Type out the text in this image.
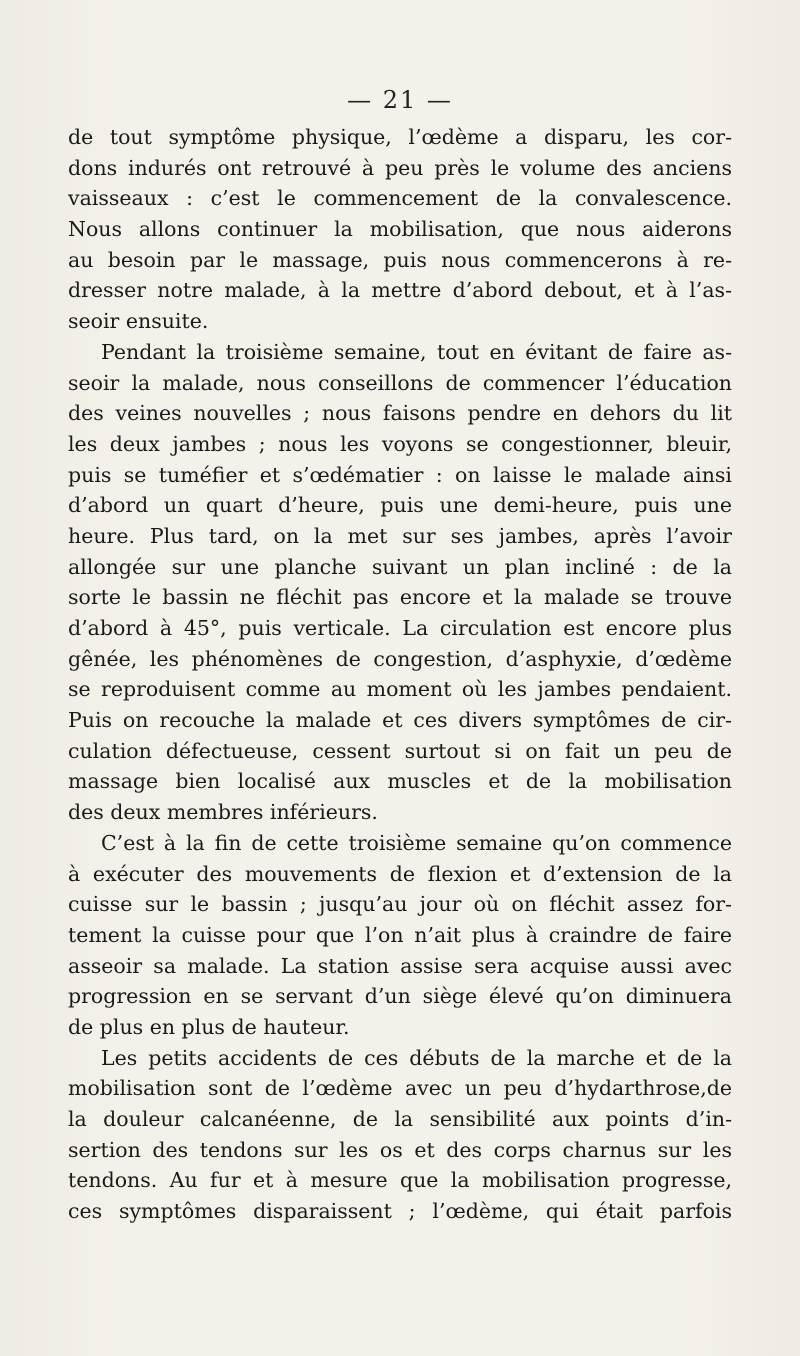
— 21 —
de tout symptôme physique, l’œdème a disparu, les cor-
dons indurés ont retrouvé à peu près le volume des anciens
vaisseaux : c’est le commencement de la convalescence.
Nous allons continuer la mobilisation, que nous aiderons
au besoin par le massage, puis nous commencerons à re-
dresser notre malade, à la mettre d’abord debout, et à l’as-
seoir ensuite.
Pendant la troisième semaine, tout en évitant de faire as-
seoir la malade, nous conseillons de commencer l’éducation
des veines nouvelles ; nous faisons pendre en dehors du lit
les deux jambes ; nous les voyons se congestionner, bleuir,
puis se tuméfier et s’œdématier : on laisse le malade ainsi
d’abord un quart d’heure, puis une demi-heure, puis une
heure. Plus tard, on la met sur ses jambes, après l’avoir
allongée sur une planche suivant un plan incliné : de la
sorte le bassin ne fléchit pas encore et la malade se trouve
d’abord à 45°, puis verticale. La circulation est encore plus
gênée, les phénomènes de congestion, d’asphyxie, d’œdème
se reproduisent comme au moment où les jambes pendaient.
Puis on recouche la malade et ces divers symptômes de cir-
culation défectueuse, cessent surtout si on fait un peu de
massage bien localisé aux muscles et de la mobilisation
des deux membres inférieurs.
C’est à la fin de cette troisième semaine qu’on commence
à exécuter des mouvements de flexion et d’extension de la
cuisse sur le bassin ; jusqu’au jour où on fléchit assez for-
tement la cuisse pour que l’on n’ait plus à craindre de faire
asseoir sa malade. La station assise sera acquise aussi avec
progression en se servant d’un siège élevé qu’on diminuera
de plus en plus de hauteur.
Les petits accidents de ces débuts de la marche et de la
mobilisation sont de l’œdème avec un peu d’hydarthrose,de
la douleur calcanéenne, de la sensibilité aux points d’in-
sertion des tendons sur les os et des corps charnus sur les
tendons. Au fur et à mesure que la mobilisation progresse,
ces symptômes disparaissent ; l’œdème, qui était parfois
